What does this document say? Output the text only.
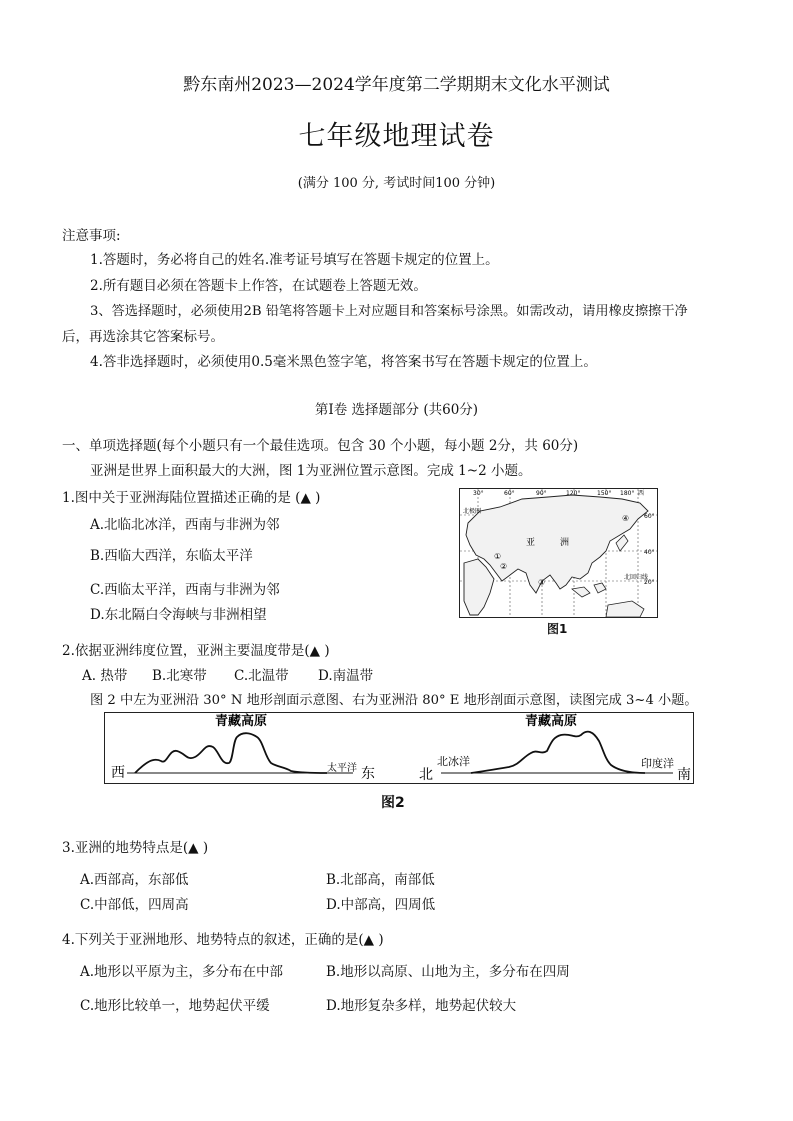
黔东南州2023—2024学年度第二学期期末文化水平测试
七年级地理试卷
(满分 100 分, 考试时间100 分钟)
注意事项:
1.答题时，务必将自己的姓名.准考证号填写在答题卡规定的位置上。
2.所有题目必须在答题卡上作答，在试题卷上答题无效。
3、答选择题时，必须使用2B 铅笔将答题卡上对应题目和答案标号涂黑。如需改动，请用橡皮擦擦干净
后，再选涂其它答案标号。
4.答非选择题时，必须使用0.5毫米黑色签字笔，将答案书写在答题卡规定的位置上。
第Ⅰ卷 选择题部分 (共60分)
一、单项选择题(每个小题只有一个最佳选项。包含 30 个小题，每小题 2分，共 60分)
亚洲是世界上面积最大的大洲，图 1为亚洲位置示意图。完成 1~2 小题。
1.图中关于亚洲海陆位置描述正确的是 (▲ )
A.北临北冰洋，西南与非洲为邻
B.西临大西洋，东临太平洋
C.西临太平洋，西南与非洲为邻
D.东北隔白令海峡与非洲相望
30°	60°	90°	120°	150° 180° 西
60°
40°
20°
北极圈
北回归线
亚	洲
①
②
③
④
图1
2.依据亚洲纬度位置，亚洲主要温度带是(▲ )
A. 热带 B.北寒带 C.北温带 D.南温带
图 2 中左为亚洲沿 30° N 地形剖面示意图、右为亚洲沿 80° E 地形剖面示意图，读图完成 3~4 小题。
青藏高原
西	东
太平洋
青藏高原
北	南
北冰洋	印度洋
图2
3.亚洲的地势特点是(▲ )
A.西部高，东部低	B.北部高，南部低
C.中部低，四周高	D.中部高，四周低
4.下列关于亚洲地形、地势特点的叙述，正确的是(▲ )
A.地形以平原为主，多分布在中部	B.地形以高原、山地为主，多分布在四周
C.地形比较单一，地势起伏平缓	D.地形复杂多样，地势起伏较大
